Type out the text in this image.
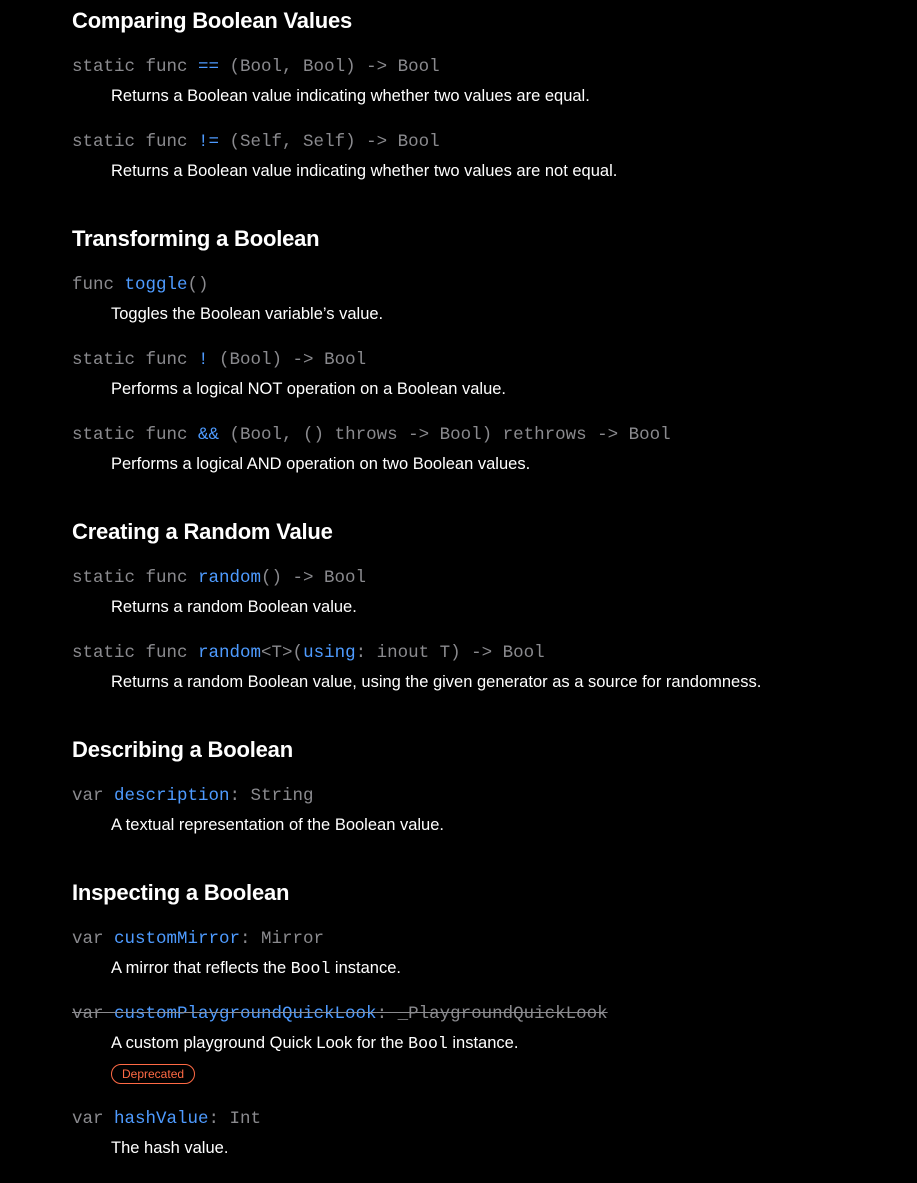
Comparing Boolean Values
static func == (Bool, Bool) -> Bool
Returns a Boolean value indicating whether two values are equal.
static func != (Self, Self) -> Bool
Returns a Boolean value indicating whether two values are not equal.
Transforming a Boolean
func toggle()
Toggles the Boolean variable’s value.
static func ! (Bool) -> Bool
Performs a logical NOT operation on a Boolean value.
static func && (Bool, () throws -> Bool) rethrows -> Bool
Performs a logical AND operation on two Boolean values.
Creating a Random Value
static func random() -> Bool
Returns a random Boolean value.
static func random<T>(using: inout T) -> Bool
Returns a random Boolean value, using the given generator as a source for randomness.
Describing a Boolean
var description: String
A textual representation of the Boolean value.
Inspecting a Boolean
var customMirror: Mirror
A mirror that reflects the Bool instance.
var customPlaygroundQuickLook: _PlaygroundQuickLook
A custom playground Quick Look for the Bool instance.
Deprecated
var hashValue: Int
The hash value.
